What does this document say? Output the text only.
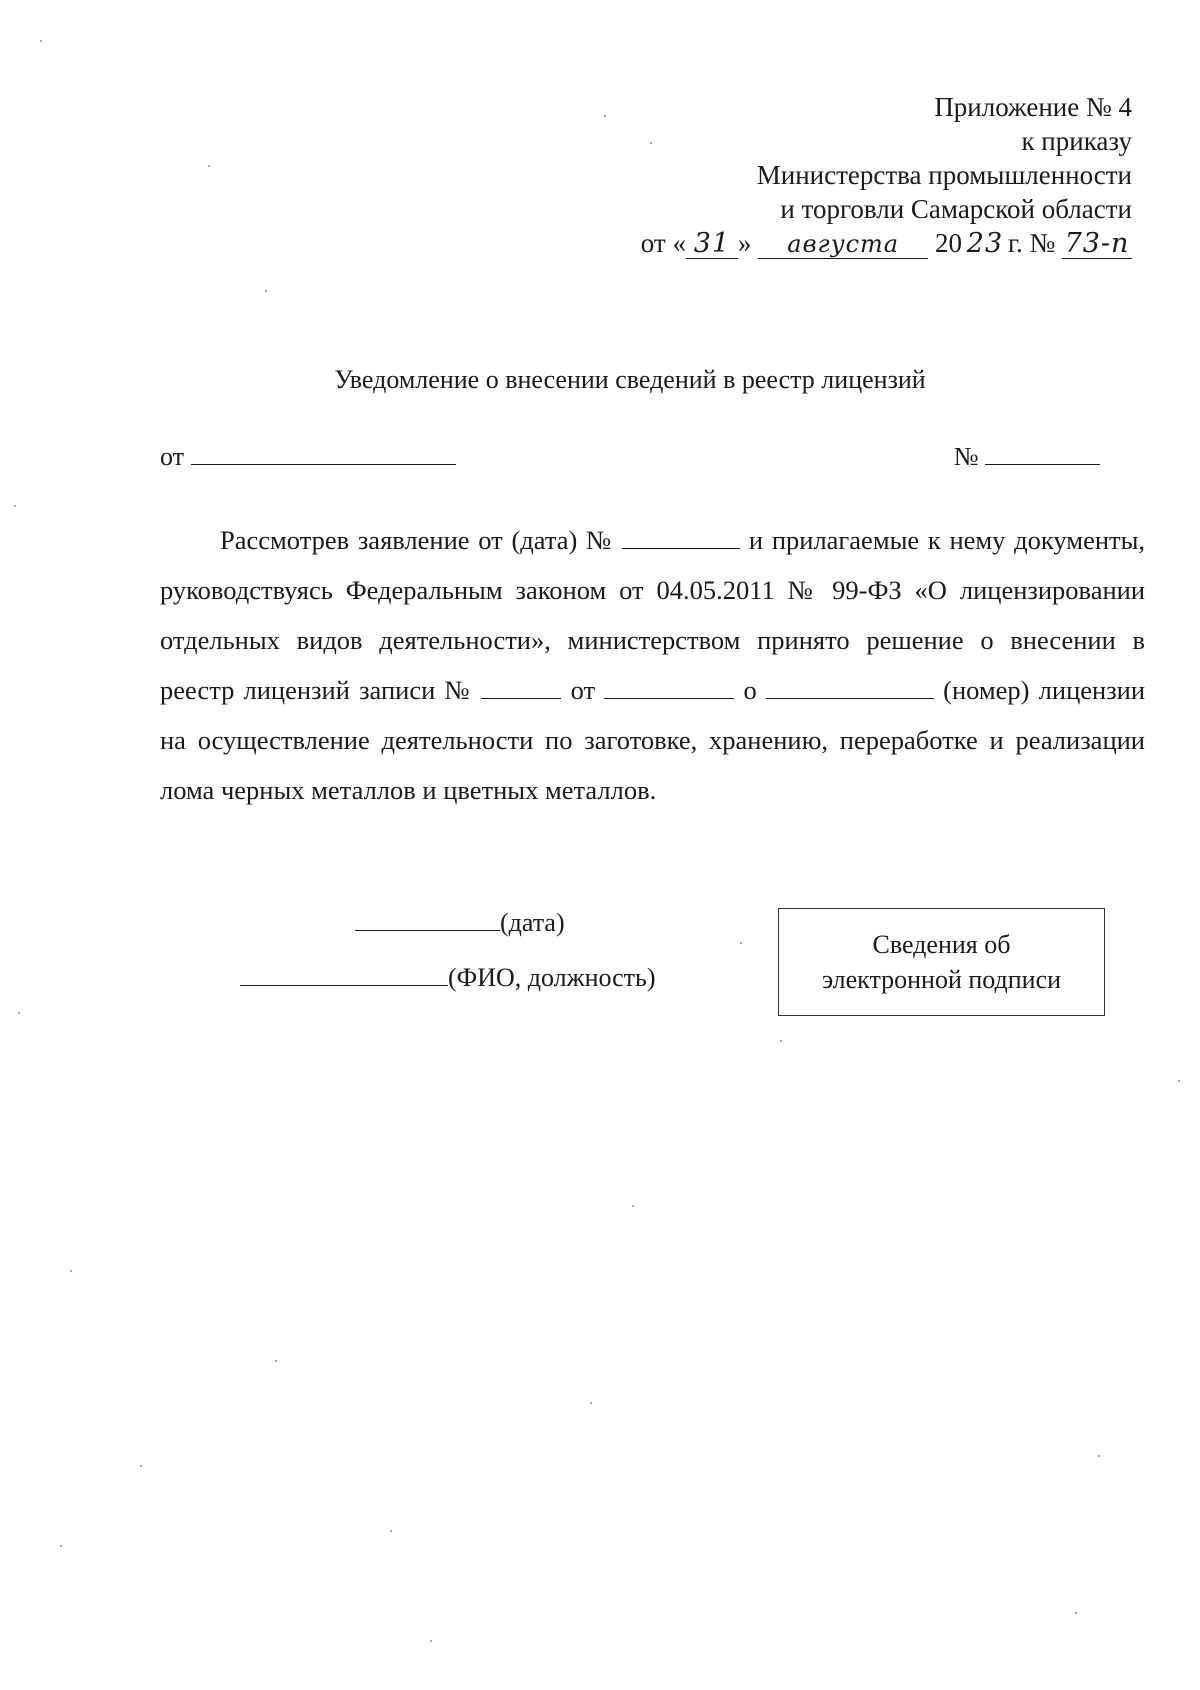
Приложение № 4
к приказу
Министерства промышленности
и торговли Самарской области
от « 31 » августа 20 23 г. № 73-п
Уведомление о внесении сведений в реестр лицензий
от	№

Рассмотрев заявление от (дата) №	и прилагаемые к нему документы, руководствуясь Федеральным законом от 04.05.2011 № 99-ФЗ «О лицензировании отдельных видов деятельности», министерством принято решение о внесении в реестр лицензий записи №	от	о	(номер) лицензии на осуществление деятельности по заготовке, хранению, переработке и реализации лома черных металлов и цветных металлов.

(дата)
(ФИО, должность)
Сведения об
электронной подписи
